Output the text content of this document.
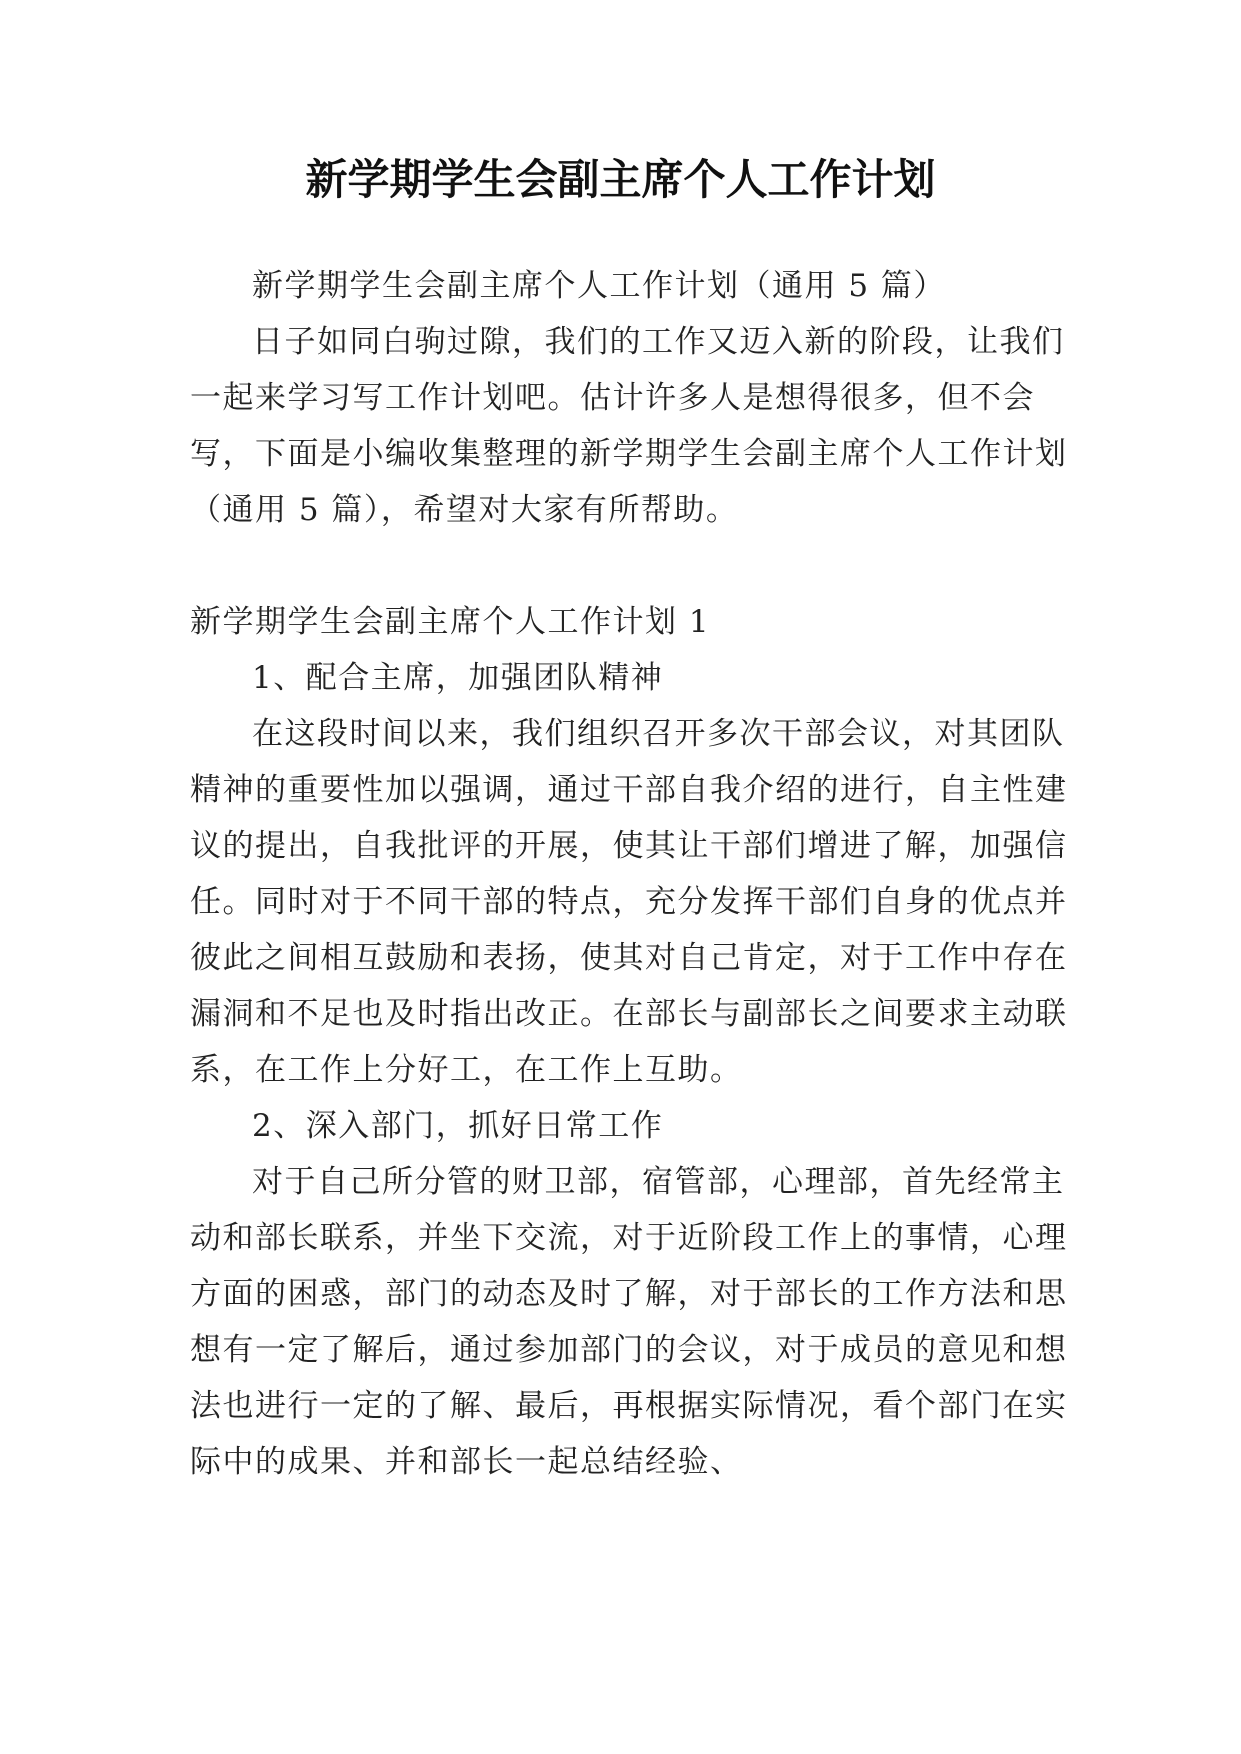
新学期学生会副主席个人工作计划

新学期学生会副主席个人工作计划（通用 5 篇）

日子如同白驹过隙，我们的工作又迈入新的阶段，让我们一起来学习写工作计划吧。估计许多人是想得很多，但不会写，下面是小编收集整理的新学期学生会副主席个人工作计划（通用 5 篇），希望对大家有所帮助。

新学期学生会副主席个人工作计划 1

1、配合主席，加强团队精神

在这段时间以来，我们组织召开多次干部会议，对其团队精神的重要性加以强调，通过干部自我介绍的进行，自主性建议的提出，自我批评的开展，使其让干部们增进了解，加强信任。同时对于不同干部的特点，充分发挥干部们自身的优点并彼此之间相互鼓励和表扬，使其对自己肯定，对于工作中存在漏洞和不足也及时指出改正。在部长与副部长之间要求主动联系，在工作上分好工，在工作上互助。

2、深入部门，抓好日常工作

对于自己所分管的财卫部，宿管部，心理部，首先经常主动和部长联系，并坐下交流，对于近阶段工作上的事情，心理方面的困惑，部门的动态及时了解，对于部长的工作方法和思想有一定了解后，通过参加部门的会议，对于成员的意见和想法也进行一定的了解、最后，再根据实际情况，看个部门在实际中的成果、并和部长一起总结经验、
